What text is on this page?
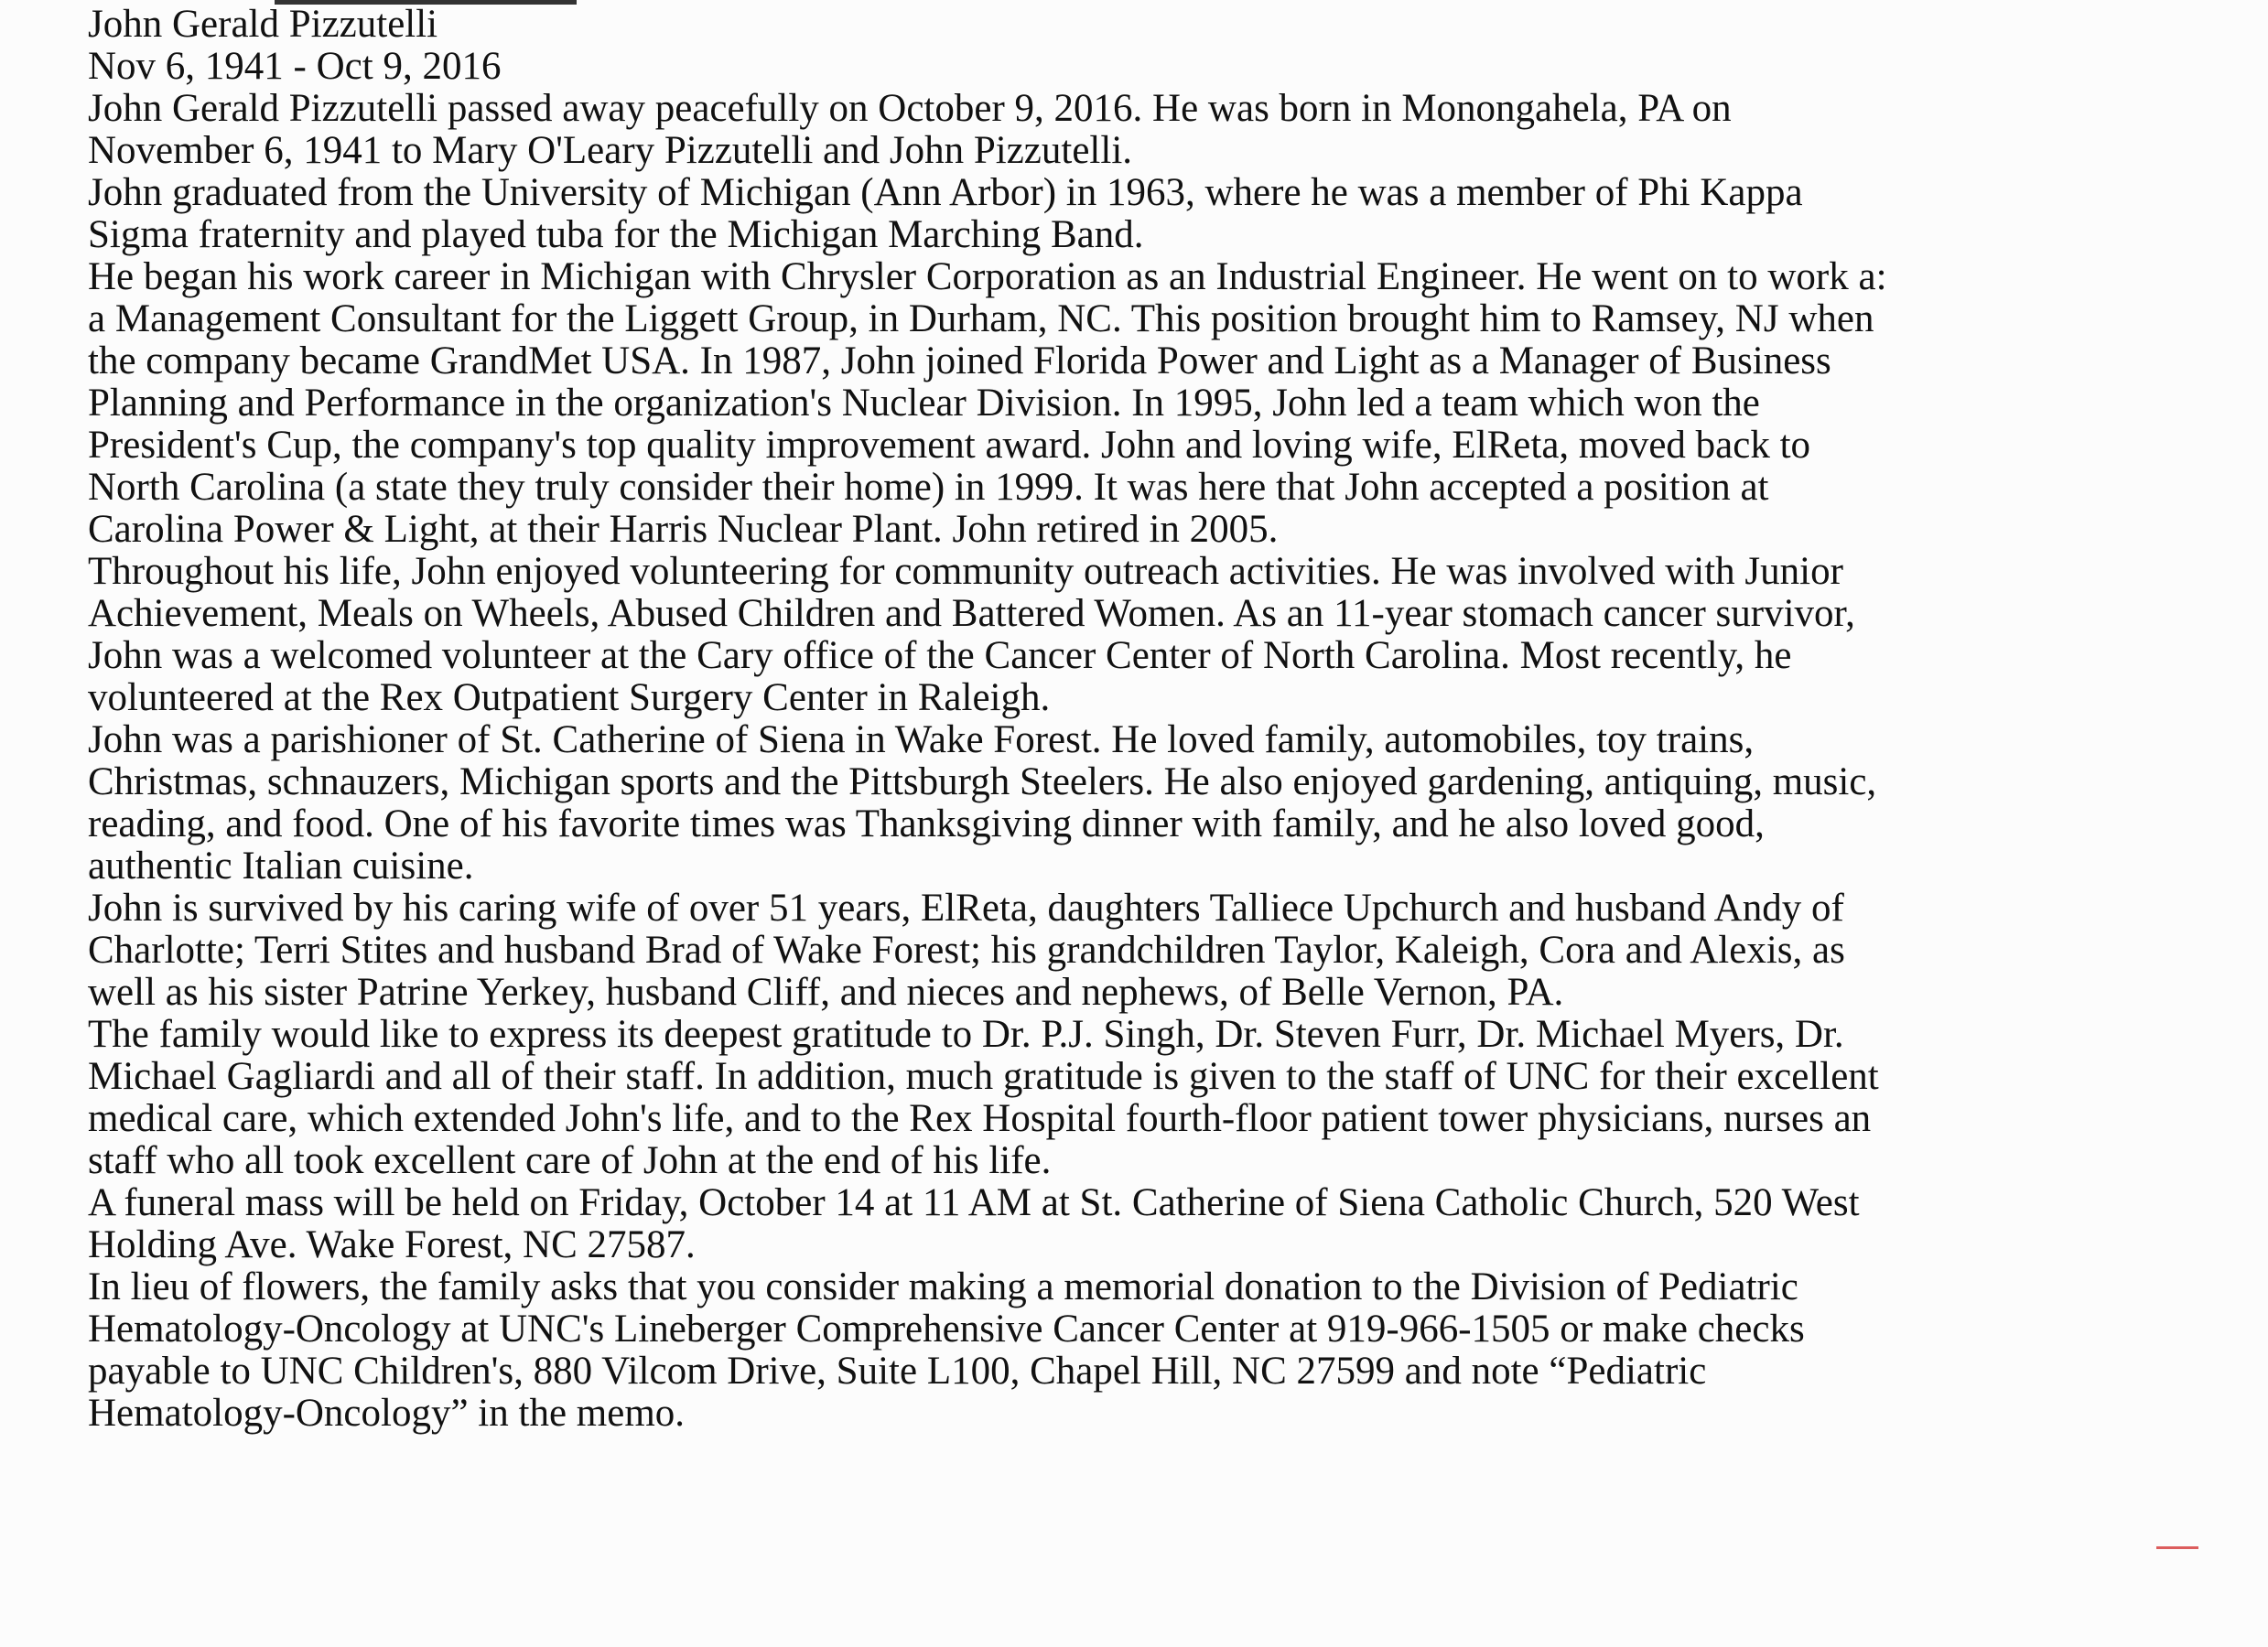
John Gerald Pizzutelli
Nov 6, 1941 - Oct 9, 2016

John Gerald Pizzutelli passed away peacefully on October 9, 2016. He was born in Monongahela, PA on
November 6, 1941 to Mary O'Leary Pizzutelli and John Pizzutelli.

John graduated from the University of Michigan (Ann Arbor) in 1963, where he was a member of Phi Kappa
Sigma fraternity and played tuba for the Michigan Marching Band.

He began his work career in Michigan with Chrysler Corporation as an Industrial Engineer. He went on to work a:
a Management Consultant for the Liggett Group, in Durham, NC. This position brought him to Ramsey, NJ when
the company became GrandMet USA. In 1987, John joined Florida Power and Light as a Manager of Business
Planning and Performance in the organization's Nuclear Division. In 1995, John led a team which won the
President's Cup, the company's top quality improvement award. John and loving wife, ElReta, moved back to
North Carolina (a state they truly consider their home) in 1999. It was here that John accepted a position at
Carolina Power & Light, at their Harris Nuclear Plant. John retired in 2005.

Throughout his life, John enjoyed volunteering for community outreach activities. He was involved with Junior
Achievement, Meals on Wheels, Abused Children and Battered Women. As an 11-year stomach cancer survivor,
John was a welcomed volunteer at the Cary office of the Cancer Center of North Carolina. Most recently, he
volunteered at the Rex Outpatient Surgery Center in Raleigh.

John was a parishioner of St. Catherine of Siena in Wake Forest. He loved family, automobiles, toy trains,
Christmas, schnauzers, Michigan sports and the Pittsburgh Steelers. He also enjoyed gardening, antiquing, music,
reading, and food. One of his favorite times was Thanksgiving dinner with family, and he also loved good,
authentic Italian cuisine.

John is survived by his caring wife of over 51 years, ElReta, daughters Talliece Upchurch and husband Andy of
Charlotte; Terri Stites and husband Brad of Wake Forest; his grandchildren Taylor, Kaleigh, Cora and Alexis, as
well as his sister Patrine Yerkey, husband Cliff, and nieces and nephews, of Belle Vernon, PA.

The family would like to express its deepest gratitude to Dr. P.J. Singh, Dr. Steven Furr, Dr. Michael Myers, Dr.
Michael Gagliardi and all of their staff. In addition, much gratitude is given to the staff of UNC for their excellent
medical care, which extended John's life, and to the Rex Hospital fourth-floor patient tower physicians, nurses an
staff who all took excellent care of John at the end of his life.

A funeral mass will be held on Friday, October 14 at 11 AM at St. Catherine of Siena Catholic Church, 520 West
Holding Ave. Wake Forest, NC 27587.

In lieu of flowers, the family asks that you consider making a memorial donation to the Division of Pediatric
Hematology-Oncology at UNC's Lineberger Comprehensive Cancer Center at 919-966-1505 or make checks
payable to UNC Children's, 880 Vilcom Drive, Suite L100, Chapel Hill, NC 27599 and note “Pediatric
Hematology-Oncology” in the memo.
